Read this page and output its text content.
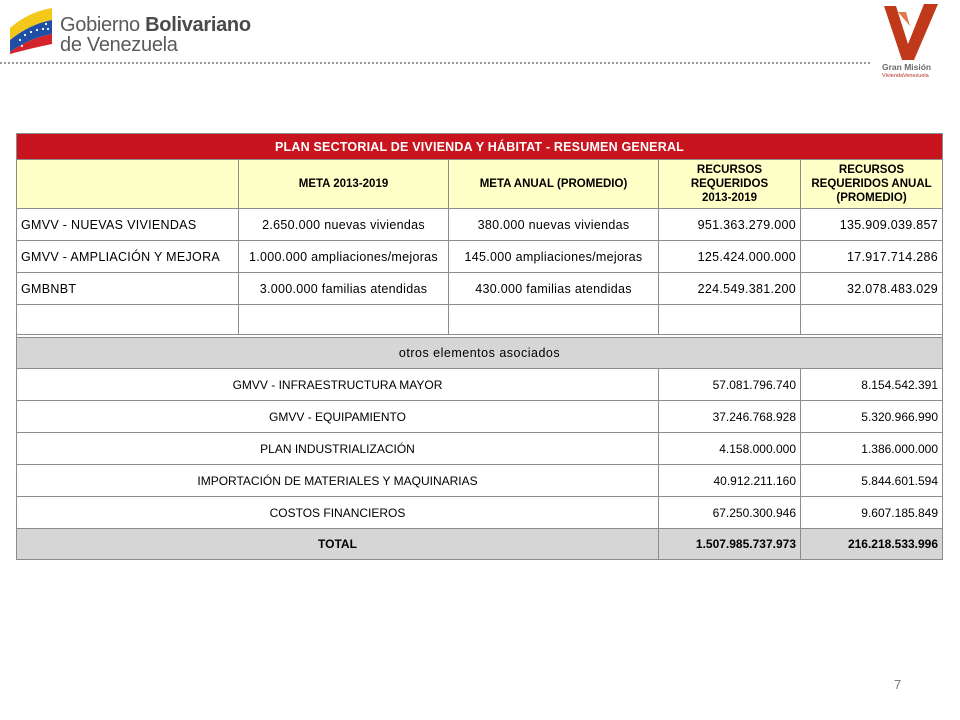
Gobierno Bolivariano
de Venezuela
Gran Misión
ViviendaVenezuela
PLAN SECTORIAL DE VIVIENDA Y HÁBITAT - RESUMEN GENERAL				
	META 2013-2019	META ANUAL (PROMEDIO)	RECURSOS
REQUERIDOS
2013-2019	RECURSOS
REQUERIDOS ANUAL
(PROMEDIO)
GMVV - NUEVAS VIVIENDAS	2.650.000 nuevas viviendas	380.000 nuevas viviendas	951.363.279.000	135.909.039.857
GMVV - AMPLIACIÓN Y MEJORA	1.000.000 ampliaciones/mejoras	145.000 ampliaciones/mejoras	125.424.000.000	17.917.714.286
GMBNBT	3.000.000 familias atendidas	430.000 familias atendidas	224.549.381.200	32.078.483.029

otros elementos asociados				
GMVV - INFRAESTRUCTURA MAYOR			57.081.796.740	8.154.542.391
GMVV - EQUIPAMIENTO			37.246.768.928	5.320.966.990
PLAN INDUSTRIALIZACIÓN			4.158.000.000	1.386.000.000
IMPORTACIÓN DE MATERIALES Y MAQUINARIAS			40.912.211.160	5.844.601.594
COSTOS FINANCIEROS			67.250.300.946	9.607.185.849
TOTAL			1.507.985.737.973	216.218.533.996
7
